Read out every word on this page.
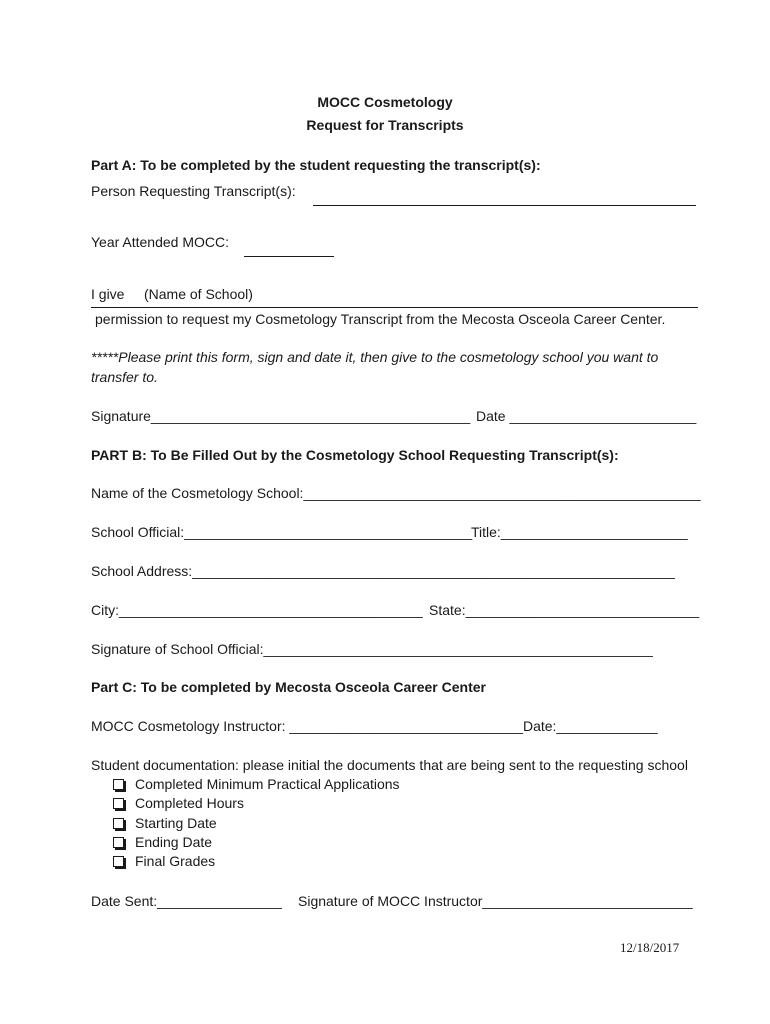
MOCC Cosmetology
Request for Transcripts
Part A: To be completed by the student requesting the transcript(s):
Person Requesting Transcript(s):
Year Attended MOCC:
I give (Name of School)
permission to request my Cosmetology Transcript from the Mecosta Osceola Career Center.
*****Please print this form, sign and date it, then give to the cosmetology school you want to
transfer to.
Signature_________________________________________ Date ________________________
PART B: To Be Filled Out by the Cosmetology School Requesting Transcript(s):
Name of the Cosmetology School:___________________________________________________
School Official:_____________________________________
Title:________________________
School Address:______________________________________________________________
City:_______________________________________ State:______________________________
Signature of School Official:__________________________________________________
Part C: To be completed by Mecosta Osceola Career Center
MOCC Cosmetology Instructor: ______________________________Date:_____________
Student documentation: please initial the documents that are being sent to the requesting school
Completed Minimum Practical Applications
Completed Hours
Starting Date
Ending Date
Final Grades
Date Sent:________________ Signature of MOCC Instructor___________________________
12/18/2017
